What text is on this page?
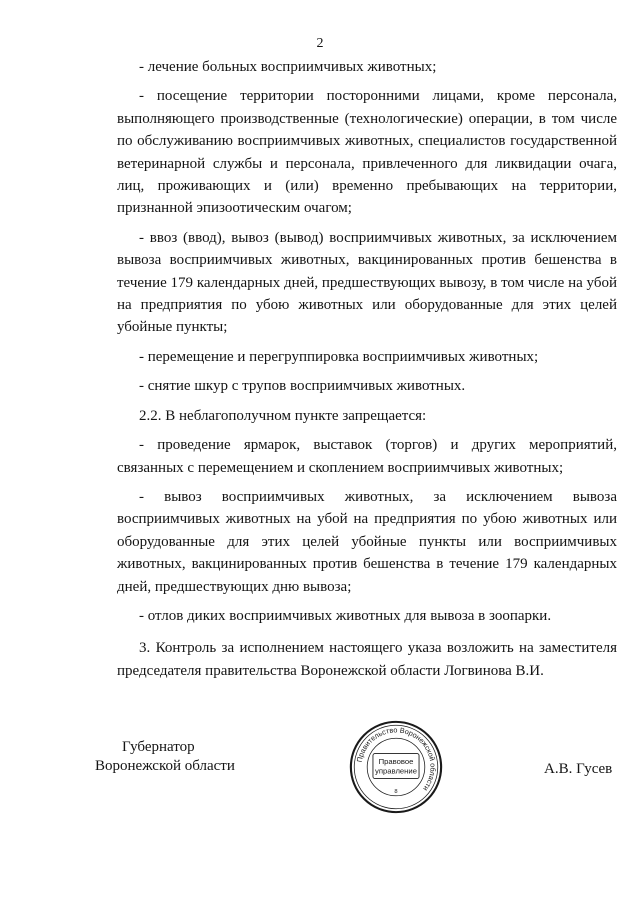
2

- лечение больных восприимчивых животных;

- посещение территории посторонними лицами, кроме персонала, выполняющего производственные (технологические) операции, в том числе по обслуживанию восприимчивых животных, специалистов государственной ветеринарной службы и персонала, привлеченного для ликвидации очага, лиц, проживающих и (или) временно пребывающих на территории, признанной эпизоотическим очагом;

- ввоз (ввод), вывоз (вывод) восприимчивых животных, за исключением вывоза восприимчивых животных, вакцинированных против бешенства в течение 179 календарных дней, предшествующих вывозу, в том числе на убой на предприятия по убою животных или оборудованные для этих целей убойные пункты;

- перемещение и перегруппировка восприимчивых животных;

- снятие шкур с трупов восприимчивых животных.

2.2. В неблагополучном пункте запрещается:

- проведение ярмарок, выставок (торгов) и других мероприятий, связанных с перемещением и скоплением восприимчивых животных;

- вывоз восприимчивых животных, за исключением вывоза восприимчивых животных на убой на предприятия по убою животных или оборудованные для этих целей убойные пункты или восприимчивых животных, вакцинированных против бешенства в течение 179 календарных дней, предшествующих дню вывоза;

- отлов диких восприимчивых животных для вывоза в зоопарки.

3. Контроль за исполнением настоящего указа возложить на заместителя председателя правительства Воронежской области Логвинова В.И.

Губернатор
Воронежской области	Правительство Воронежской области
Правовое
управление
8
А.В. Гусев
